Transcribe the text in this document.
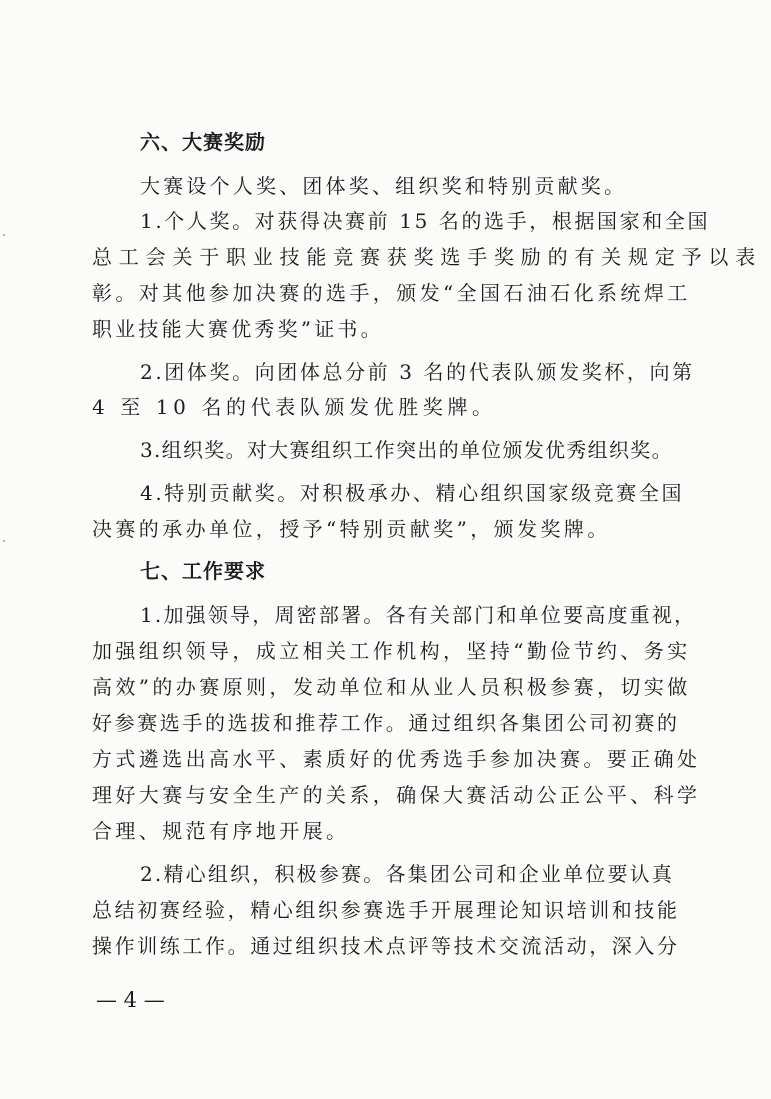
六、大赛奖励

大赛设个人奖、团体奖、组织奖和特别贡献奖。

1.个人奖。对获得决赛前 15 名的选手，根据国家和全国

总工会关于职业技能竞赛获奖选手奖励的有关规定予以表

彰。对其他参加决赛的选手，颁发“全国石油石化系统焊工

职业技能大赛优秀奖”证书。

2.团体奖。向团体总分前 3 名的代表队颁发奖杯，向第

4 至 10 名的代表队颁发优胜奖牌。

3.组织奖。对大赛组织工作突出的单位颁发优秀组织奖。

4.特别贡献奖。对积极承办、精心组织国家级竞赛全国

决赛的承办单位，授予“特别贡献奖”，颁发奖牌。

七、工作要求

1.加强领导，周密部署。各有关部门和单位要高度重视，

加强组织领导，成立相关工作机构，坚持“勤俭节约、务实

高效”的办赛原则，发动单位和从业人员积极参赛，切实做

好参赛选手的选拔和推荐工作。通过组织各集团公司初赛的

方式遴选出高水平、素质好的优秀选手参加决赛。要正确处

理好大赛与安全生产的关系，确保大赛活动公正公平、科学

合理、规范有序地开展。

2.精心组织，积极参赛。各集团公司和企业单位要认真

总结初赛经验，精心组织参赛选手开展理论知识培训和技能

操作训练工作。通过组织技术点评等技术交流活动，深入分

— 4 —
